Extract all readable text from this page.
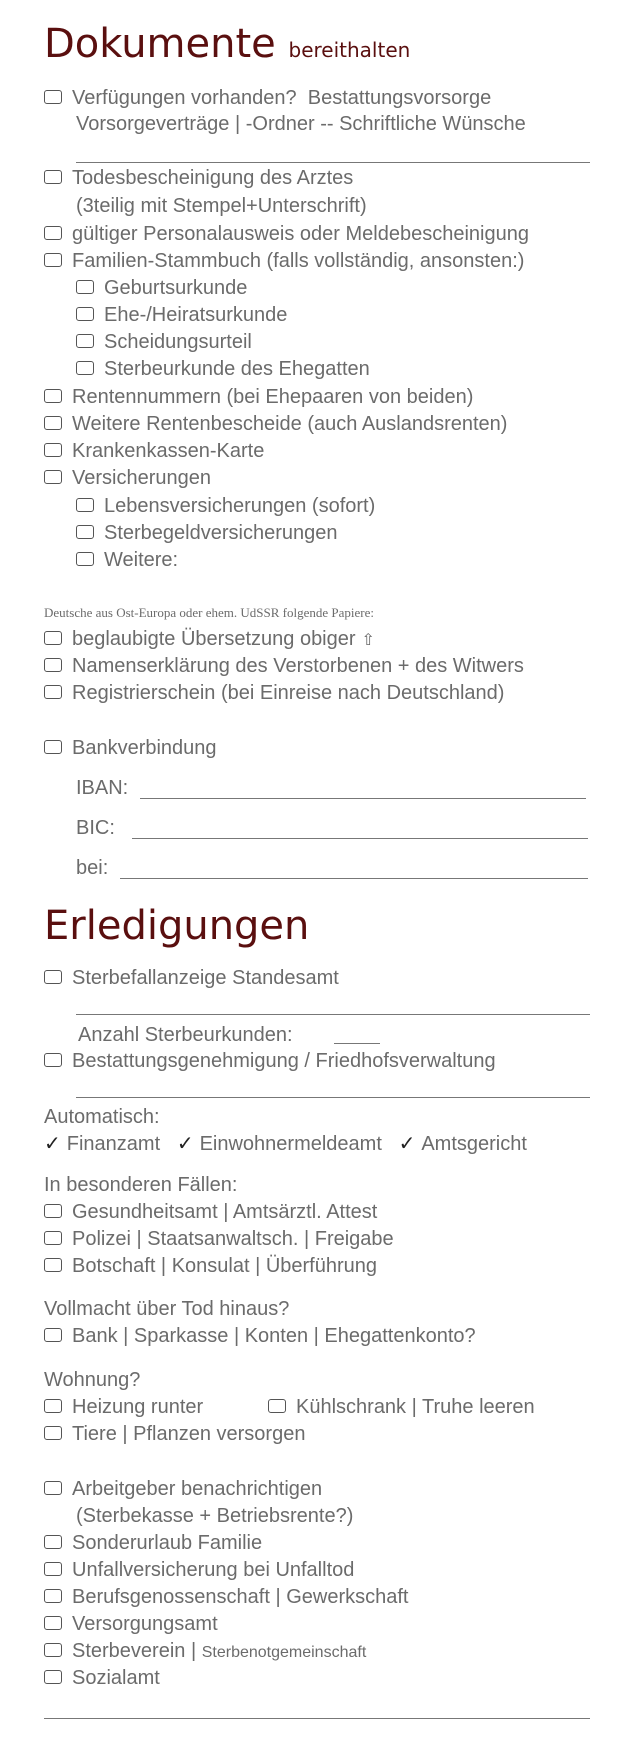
Dokumente bereithalten
Verfügungen vorhanden? Bestattungsvorsorge
Vorsorgeverträge | -Ordner -- Schriftliche Wünsche
Todesbescheinigung des Arztes
(3teilig mit Stempel+Unterschrift)
gültiger Personalausweis oder Meldebescheinigung
Familien-Stammbuch (falls vollständig, ansonsten:)
Geburtsurkunde
Ehe-/Heiratsurkunde
Scheidungsurteil
Sterbeurkunde des Ehegatten
Rentennummern (bei Ehepaaren von beiden)
Weitere Rentenbescheide (auch Auslandsrenten)
Krankenkassen-Karte
Versicherungen
Lebensversicherungen (sofort)
Sterbegeldversicherungen
Weitere:
Deutsche aus Ost-Europa oder ehem. UdSSR folgende Papiere:
beglaubigte Übersetzung obiger ⇧
Namenserklärung des Verstorbenen + des Witwers
Registrierschein (bei Einreise nach Deutschland)
Bankverbindung
IBAN:
BIC:
bei:
Erledigungen
Sterbefallanzeige Standesamt
Anzahl Sterbeurkunden:
Bestattungsgenehmigung / Friedhofsverwaltung
Automatisch:
✓ Finanzamt ✓ Einwohnermeldeamt ✓ Amtsgericht
In besonderen Fällen:
Gesundheitsamt | Amtsärztl. Attest
Polizei | Staatsanwaltsch. | Freigabe
Botschaft | Konsulat | Überführung
Vollmacht über Tod hinaus?
Bank | Sparkasse | Konten | Ehegattenkonto?
Wohnung?
Heizung runter	Kühlschrank | Truhe leeren
Tiere | Pflanzen versorgen
Arbeitgeber benachrichtigen
(Sterbekasse + Betriebsrente?)
Sonderurlaub Familie
Unfallversicherung bei Unfalltod
Berufsgenossenschaft | Gewerkschaft
Versorgungsamt
Sterbeverein | Sterbenotgemeinschaft
Sozialamt
